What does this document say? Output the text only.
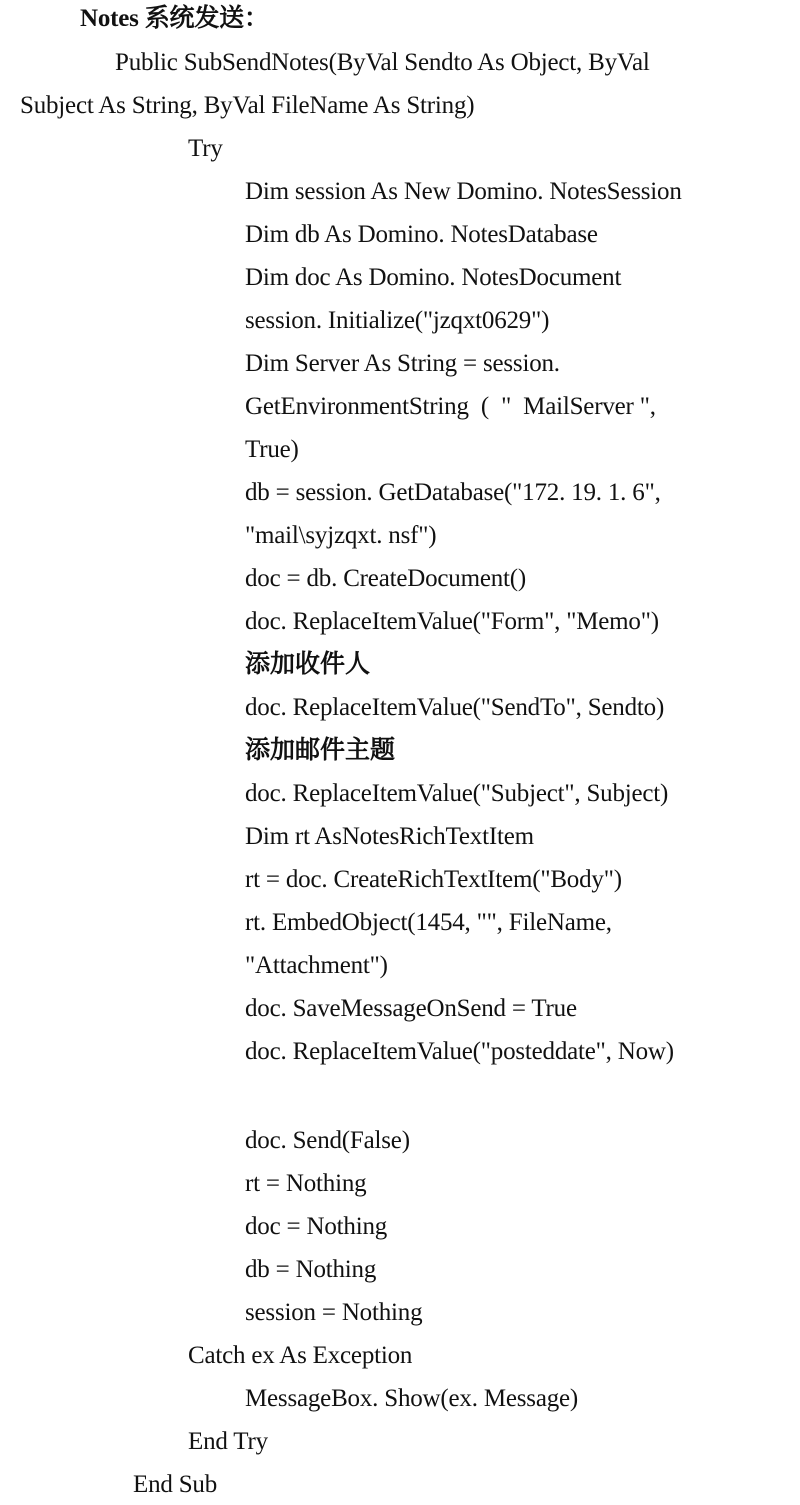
Notes 系统发送：
Public SubSendNotes(ByVal Sendto As Object, ByVal
Subject As String, ByVal FileName As String)
Try
Dim session As New Domino. NotesSession
Dim db As Domino. NotesDatabase
Dim doc As Domino. NotesDocument
session. Initialize("jzqxt0629")
Dim Server As String = session.
GetEnvironmentString  (  "  MailServer ",
True)
db = session. GetDatabase("172. 19. 1. 6",
"mail\syjzqxt. nsf")
doc = db. CreateDocument()
doc. ReplaceItemValue("Form", "Memo")
添加收件人
doc. ReplaceItemValue("SendTo", Sendto)
添加邮件主题
doc. ReplaceItemValue("Subject", Subject)
Dim rt AsNotesRichTextItem
rt = doc. CreateRichTextItem("Body")
rt. EmbedObject(1454, "", FileName,
"Attachment")
doc. SaveMessageOnSend = True
doc. ReplaceItemValue("posteddate", Now)
doc. Send(False)
rt = Nothing
doc = Nothing
db = Nothing
session = Nothing
Catch ex As Exception
MessageBox. Show(ex. Message)
End Try
End Sub
